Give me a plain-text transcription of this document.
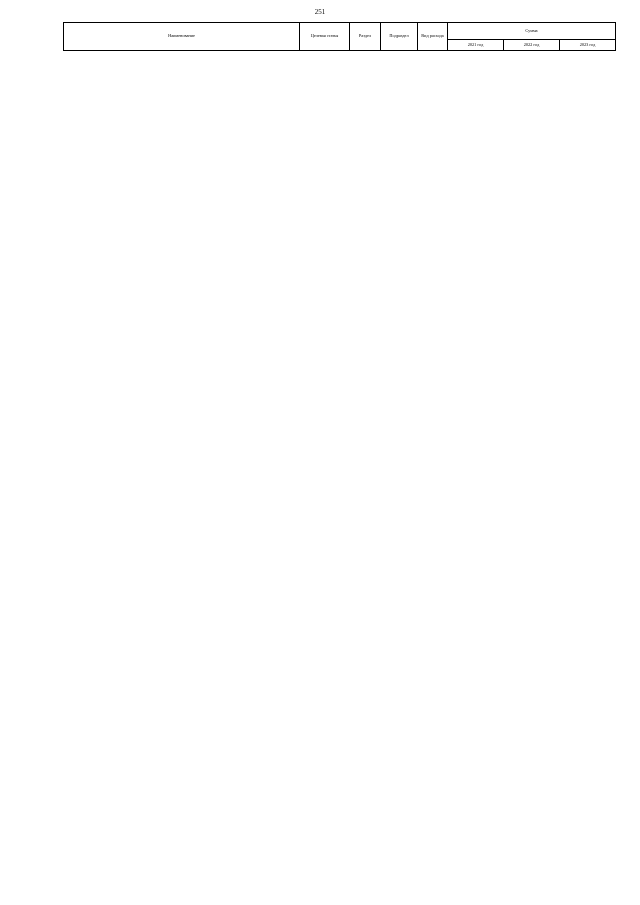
251
Наименование	Целевая статья	Раздел	Подраздел	Вид расхода	Сумма		
					2021 год	2022 год	2023 год
